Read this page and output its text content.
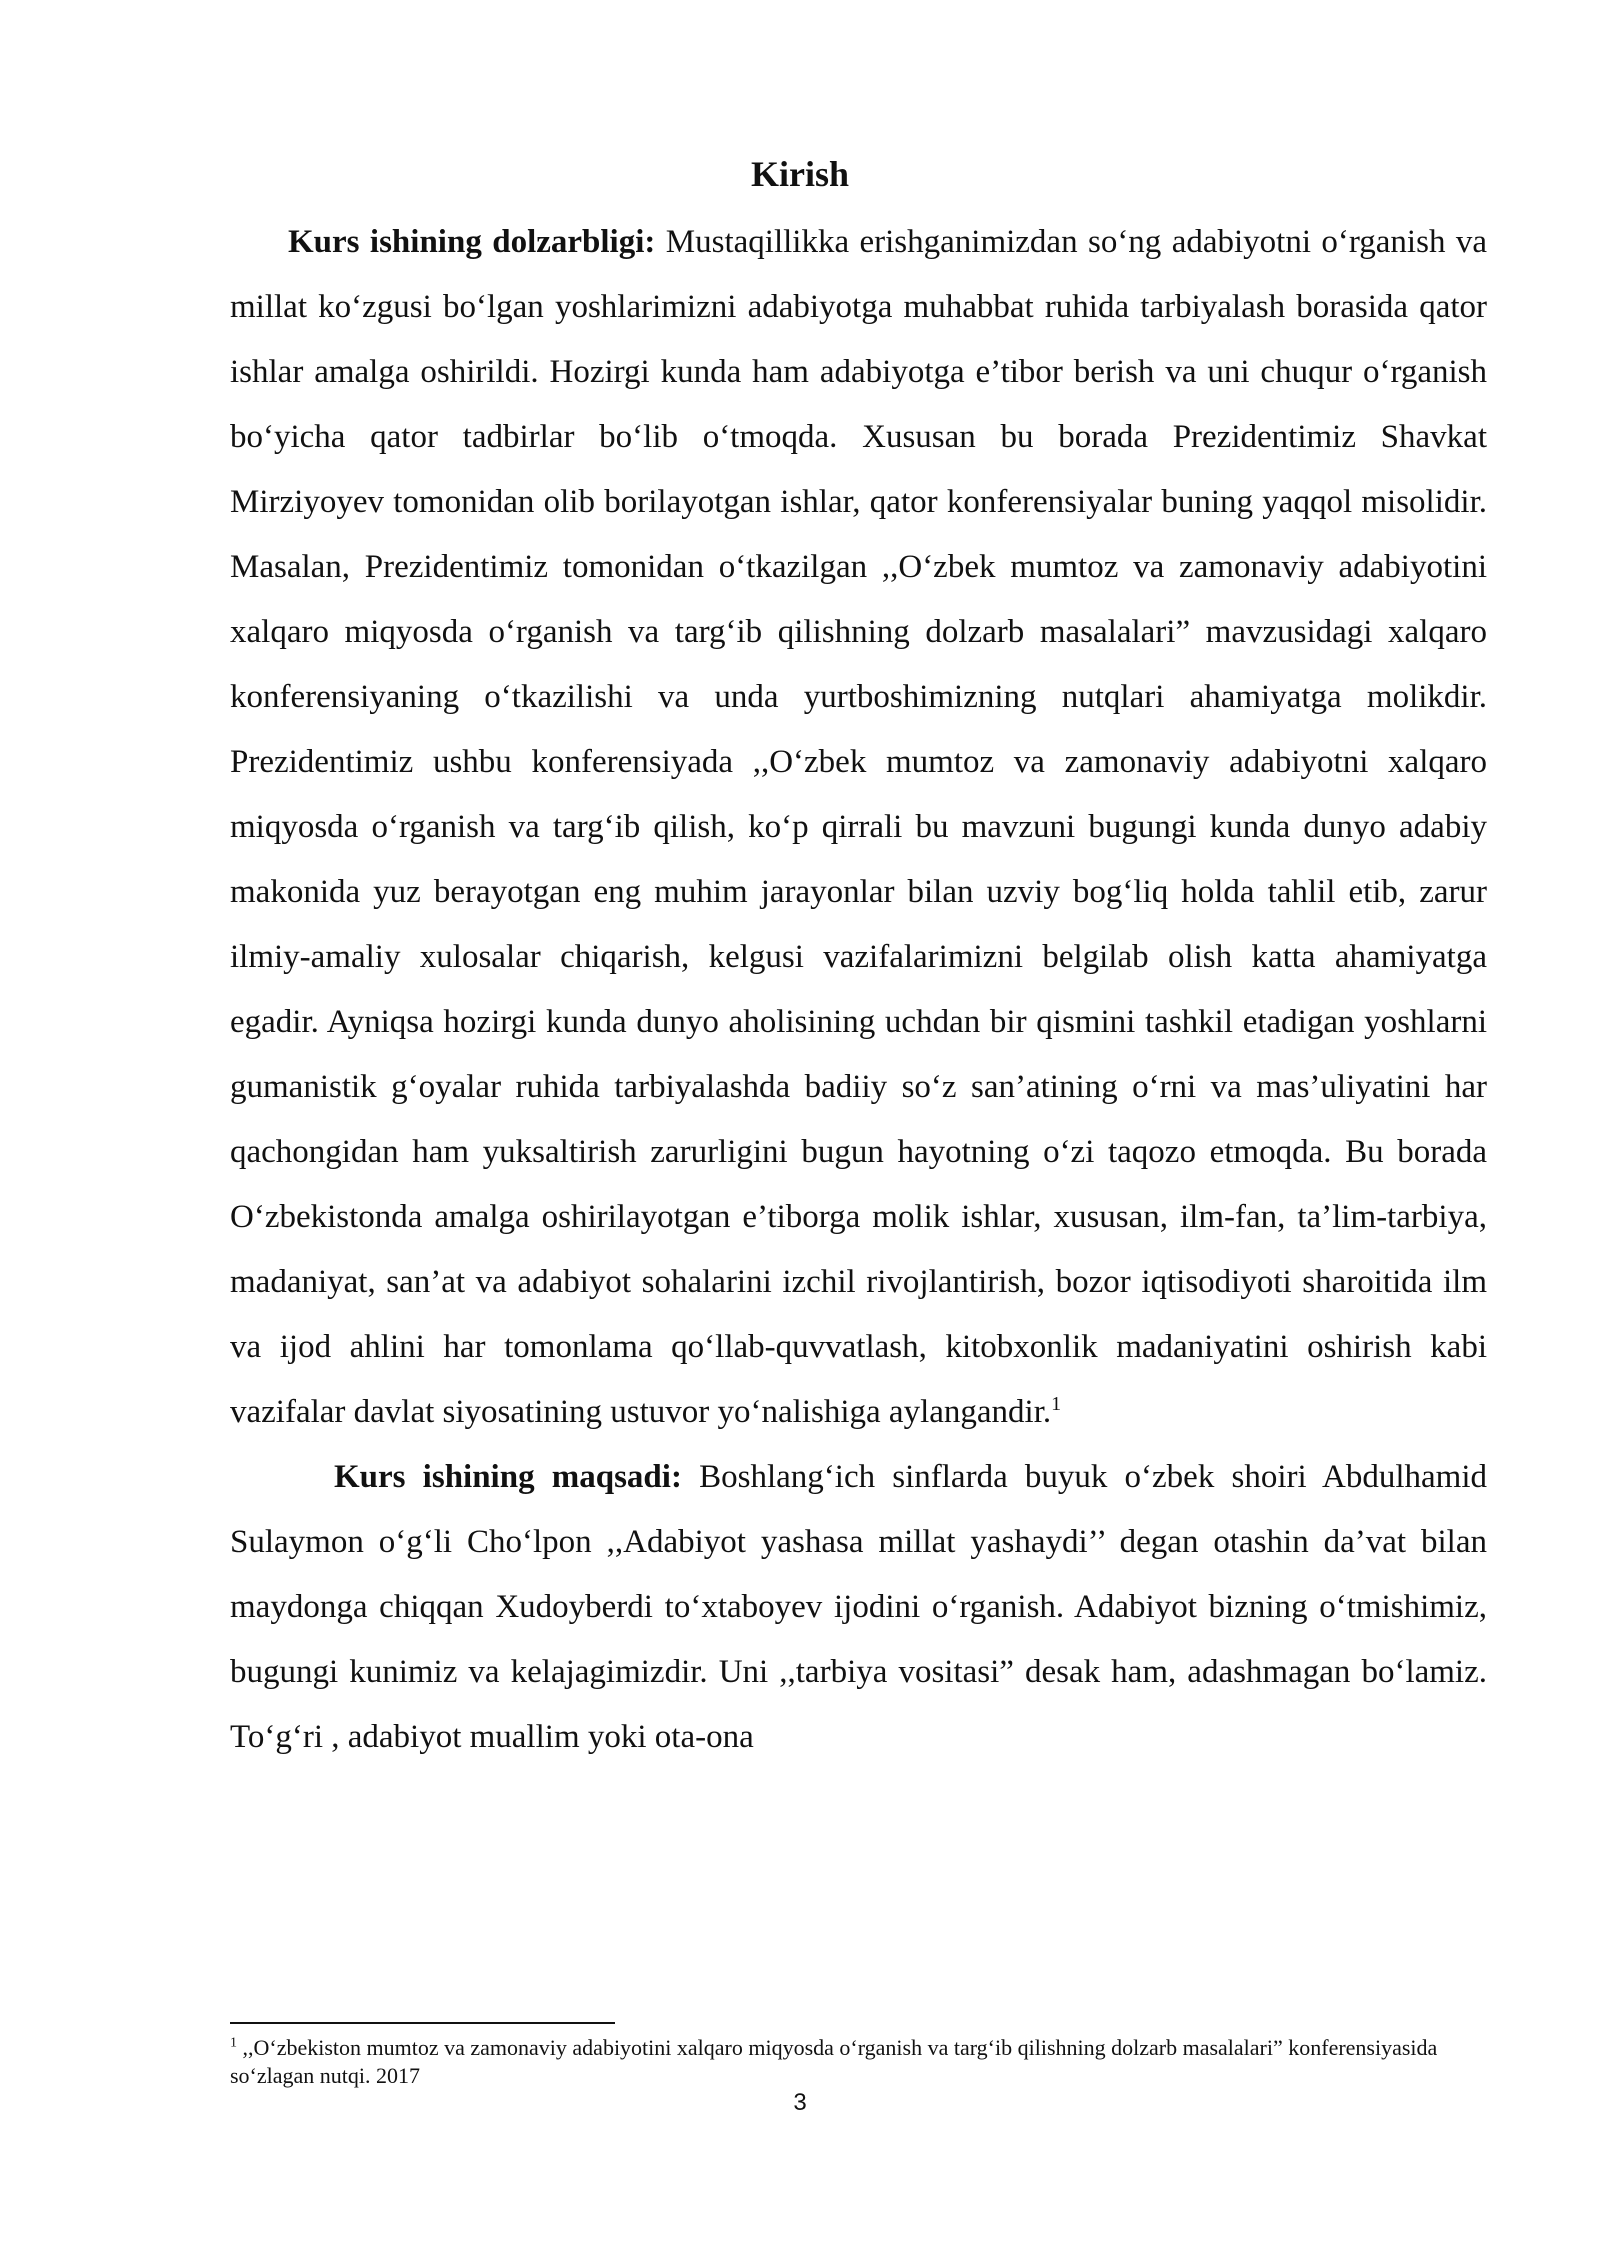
Kirish

Kurs ishining dolzarbligi: Mustaqillikka erishganimizdan so‘ng adabiyotni o‘rganish va millat ko‘zgusi bo‘lgan yoshlarimizni adabiyotga muhabbat ruhida tarbiyalash borasida qator ishlar amalga oshirildi. Hozirgi kunda ham adabiyotga e’tibor berish va uni chuqur o‘rganish bo‘yicha qator tadbirlar bo‘lib o‘tmoqda. Xususan bu borada Prezidentimiz Shavkat Mirziyoyev tomonidan olib borilayotgan ishlar, qator konferensiyalar buning yaqqol misolidir. Masalan, Prezidentimiz tomonidan o‘tkazilgan ,,O‘zbek mumtoz va zamonaviy adabiyotini xalqaro miqyosda o‘rganish va targ‘ib qilishning dolzarb masalalari” mavzusidagi xalqaro konferensiyaning o‘tkazilishi va unda yurtboshimizning nutqlari ahamiyatga molikdir. Prezidentimiz ushbu konferensiyada ,,O‘zbek mumtoz va zamonaviy adabiyotni xalqaro miqyosda o‘rganish va targ‘ib qilish, ko‘p qirrali bu mavzuni bugungi kunda dunyo adabiy makonida yuz berayotgan eng muhim jarayonlar bilan uzviy bog‘liq holda tahlil etib, zarur ilmiy-amaliy xulosalar chiqarish, kelgusi vazifalarimizni belgilab olish katta ahamiyatga egadir. Ayniqsa hozirgi kunda dunyo aholisining uchdan bir qismini tashkil etadigan yoshlarni gumanistik g‘oyalar ruhida tarbiyalashda badiiy so‘z san’atining o‘rni va mas’uliyatini har qachongidan ham yuksaltirish zarurligini bugun hayotning o‘zi taqozo etmoqda. Bu borada O‘zbekistonda amalga oshirilayotgan e’tiborga molik ishlar, xususan, ilm-fan, ta’lim-tarbiya, madaniyat, san’at va adabiyot sohalarini izchil rivojlantirish, bozor iqtisodiyoti sharoitida ilm va ijod ahlini har tomonlama qo‘llab-quvvatlash, kitobxonlik madaniyatini oshirish kabi vazifalar davlat siyosatining ustuvor yo‘nalishiga aylangandir.$^1$

Kurs ishining maqsadi: Boshlang‘ich sinflarda buyuk o‘zbek shoiri Abdulhamid Sulaymon o‘g‘li Cho‘lpon ,,Adabiyot yashasa millat yashaydi’’ degan otashin da’vat bilan maydonga chiqqan Xudoyberdi to‘xtaboyev ijodini o‘rganish. Adabiyot bizning o‘tmishimiz, bugungi kunimiz va kelajagimizdir. Uni ,,tarbiya vositasi” desak ham, adashmagan bo‘lamiz. To‘g‘ri , adabiyot muallim yoki ota-ona

$^1$ ,,O‘zbekiston mumtoz va zamonaviy adabiyotini xalqaro miqyosda o‘rganish va targ‘ib qilishning dolzarb masalalari” konferensiyasida so‘zlagan nutqi. 2017
3
